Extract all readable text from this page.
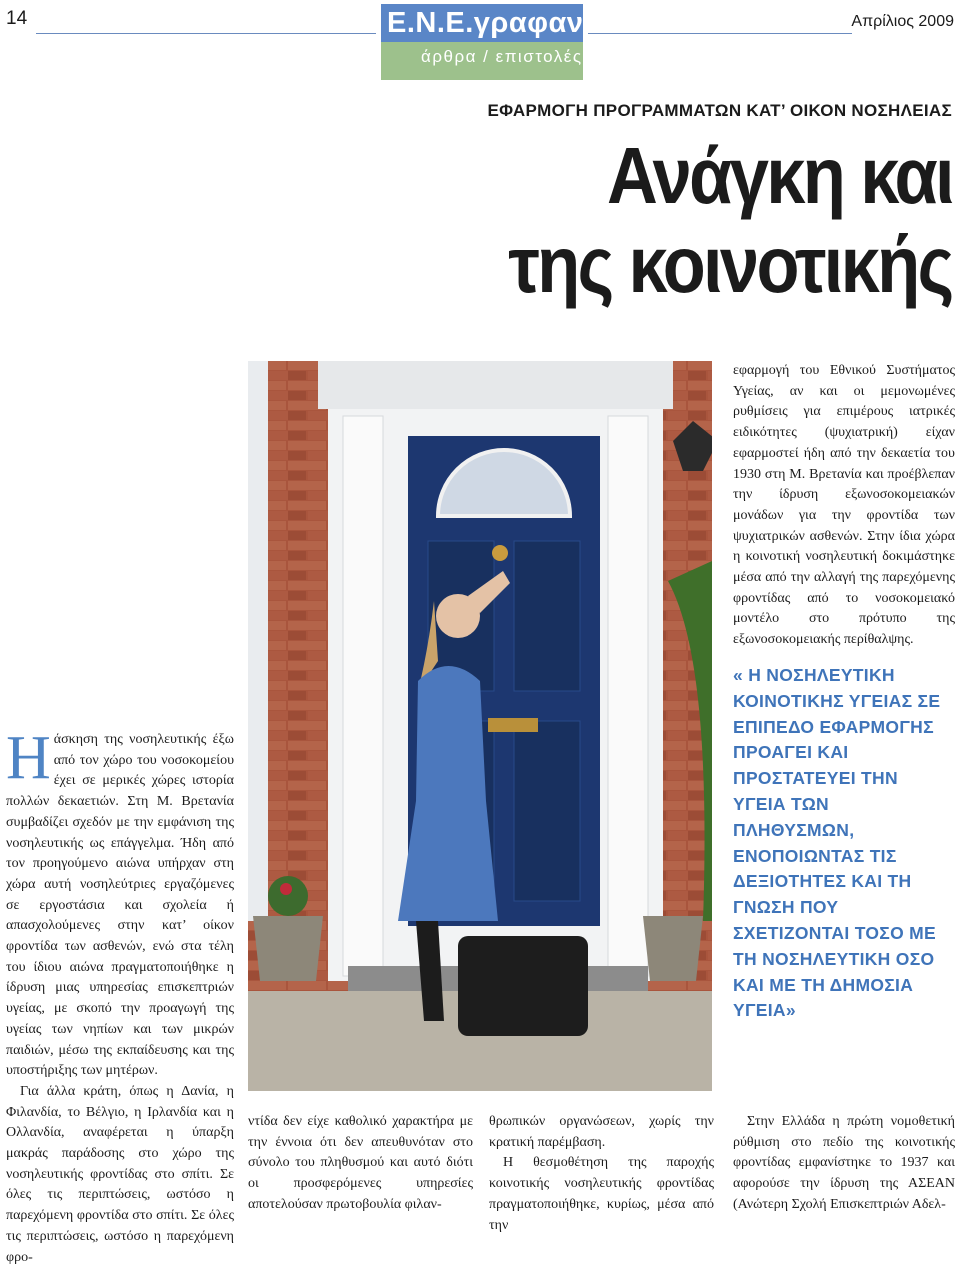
14	Απρίλιος 2009
Ε.Ν.Ε.γραφαν
άρθρα / επιστολές
ΕΦΑΡΜΟΓΗ ΠΡΟΓΡΑΜΜΑΤΩΝ ΚΑΤ’ ΟΙΚΟΝ ΝΟΣΗΛΕΙΑΣ
Ανάγκη και
της κοινοτικής
εφαρμογή του Εθνικού Συστήματος Υγείας, αν και οι μεμονωμένες ρυθμίσεις για επιμέρους ιατρικές ειδικότητες (ψυχιατρική) είχαν εφαρμοστεί ήδη από την δεκαετία του 1930 στη Μ. Βρετανία και προέβλεπαν την ίδρυση εξωνοσοκομειακών μονάδων για την φροντίδα των ψυχιατρικών ασθενών. Στην ίδια χώρα η κοινοτική νοσηλευτική δοκιμάστηκε μέσα από την αλλαγή της παρεχόμενης φροντίδας από το νοσοκομειακό μοντέλο στο πρότυπο της εξωνοσοκομειακής περίθαλψης.
« Η ΝΟΣΗΛΕΥΤΙΚΗ ΚΟΙΝΟΤΙΚΗΣ ΥΓΕΙΑΣ ΣΕ ΕΠΙΠΕΔΟ ΕΦΑΡΜΟΓΗΣ ΠΡΟΑΓΕΙ ΚΑΙ ΠΡΟΣΤΑΤΕΥΕΙ ΤΗΝ ΥΓΕΙΑ ΤΩΝ ΠΛΗΘΥΣΜΩΝ, ΕΝΟΠΟΙΩΝΤΑΣ ΤΙΣ ΔΕΞΙΟΤΗΤΕΣ ΚΑΙ ΤΗ ΓΝΩΣΗ ΠΟΥ ΣΧΕΤΙΖΟΝΤΑΙ ΤΟΣΟ ΜΕ ΤΗ ΝΟΣΗΛΕΥΤΙΚΗ ΟΣΟ ΚΑΙ ΜΕ ΤΗ ΔΗΜΟΣΙΑ ΥΓΕΙΑ»

Ηάσκηση της νοσηλευτικής έξω από τον χώρο του νοσοκομείου έχει σε μερικές χώρες ιστορία πολλών δεκαετιών. Στη Μ. Βρετανία συμβαδίζει σχεδόν με την εμφάνιση της νοσηλευτικής ως επάγγελμα. Ήδη από τον προηγούμενο αιώνα υπήρχαν στη χώρα αυτή νοσηλεύτριες εργαζόμενες σε εργοστάσια και σχολεία ή απασχολούμενες στην κατ’ οίκον φροντίδα των ασθενών, ενώ στα τέλη του ίδιου αιώνα πραγματοποιήθηκε η ίδρυση μιας υπηρεσίας επισκεπτριών υγείας, με σκοπό την προαγωγή της υγείας των νηπίων και των μικρών παιδιών, μέσω της εκπαίδευσης και της υποστήριξης των μητέρων.

Για άλλα κράτη, όπως η Δανία, η Φιλανδία, το Βέλγιο, η Ιρλανδία και η Ολλανδία, αναφέρεται η ύπαρξη μακράς παράδοσης στο χώρο της νοσηλευτικής φροντίδας στο σπίτι. Σε όλες τις περιπτώσεις, ωστόσο η παρεχόμενη φροντίδα στο σπίτι. Σε όλες τις περιπτώσεις, ωστόσο η παρεχόμενη φρο-

ντίδα δεν είχε καθολικό χαρακτήρα με την έννοια ότι δεν απευθυνόταν στο σύνολο του πληθυσμού και αυτό διότι οι προσφερόμενες υπηρεσίες αποτελούσαν πρωτοβουλία φιλαν-

θρωπικών οργανώσεων, χωρίς την κρατική παρέμβαση.

Η θεσμοθέτηση της παροχής κοινοτικής νοσηλευτικής φροντίδας πραγματοποιήθηκε, κυρίως, μέσα από την

Στην Ελλάδα η πρώτη νομοθετική ρύθμιση στο πεδίο της κοινοτικής φροντίδας εμφανίστηκε το 1937 και αφορούσε την ίδρυση της ΑΣΕΑΝ (Ανώτερη Σχολή Επισκεπτριών Αδελ-
